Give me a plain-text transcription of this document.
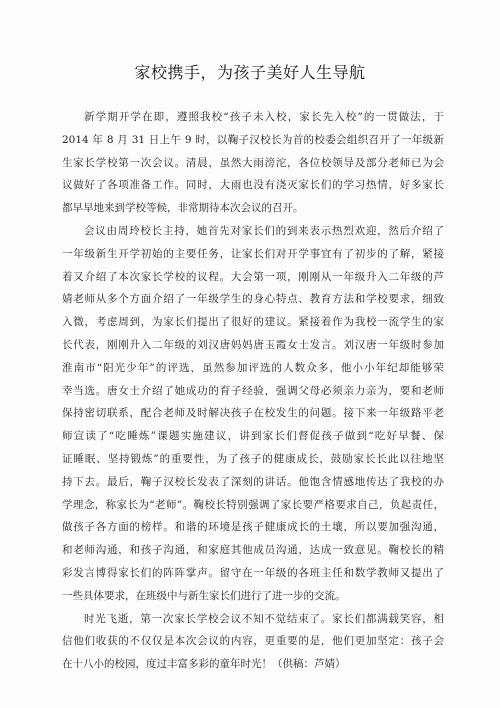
家校携手，为孩子美好人生导航

新学期开学在即，遵照我校“孩子未入校，家长先入校”的一贯做法，于
2014 年 8 月 31 日上午 9 时，以鞠子汉校长为首的校委会组织召开了一年级新
生家长学校第一次会议。清晨，虽然大雨滂沱，各位校领导及部分老师已为会
议做好了各项准备工作。同时，大雨也没有浇灭家长们的学习热情，好多家长
都早早地来到学校等候，非常期待本次会议的召开。

会议由周玲校长主持，她首先对家长们的到来表示热烈欢迎，然后介绍了
一年级新生开学初始的主要任务，让家长们对开学事宜有了初步的了解，紧接
着又介绍了本次家长学校的议程。大会第一项，刚刚从一年级升入二年级的芦
婧老师从多个方面介绍了一年级学生的身心特点、教育方法和学校要求，细致
入微，考虑周到，为家长们提出了很好的建议。紧接着作为我校一流学生的家
长代表，刚刚升入二年级的刘汉唐妈妈唐玉霞女士发言。刘汉唐一年级时参加
淮南市“阳光少年”的评选，虽然参加评选的人数众多，他小小年纪却能够荣
幸当选。唐女士介绍了她成功的育子经验，强调父母必须亲力亲为，要和老师
保持密切联系，配合老师及时解决孩子在校发生的问题。接下来一年级路平老
师宣读了“吃睡炼”课题实施建议，讲到家长们督促孩子做到“吃好早餐、保
证睡眠、坚持锻炼”的重要性，为了孩子的健康成长，鼓励家长长此以往地坚
持下去。最后，鞠子汉校长发表了深刻的讲话。他饱含情感地传达了我校的办
学理念，称家长为“老师”。鞠校长特别强调了家长要严格要求自己，负起责任，
做孩子各方面的榜样。和谐的环境是孩子健康成长的土壤，所以要加强沟通，
和老师沟通，和孩子沟通，和家庭其他成员沟通，达成一致意见。鞠校长的精
彩发言博得家长们的阵阵掌声。留守在一年级的各班主任和数学教师又提出了
一些具体要求，在班级中与新生家长们进行了进一步的交流。

时光飞逝，第一次家长学校会议不知不觉结束了。家长们都满载笑容，相
信他们收获的不仅仅是本次会议的内容，更重要的是，他们更加坚定：孩子会
在十八小的校园，度过丰富多彩的童年时光！（供稿：芦婧）
